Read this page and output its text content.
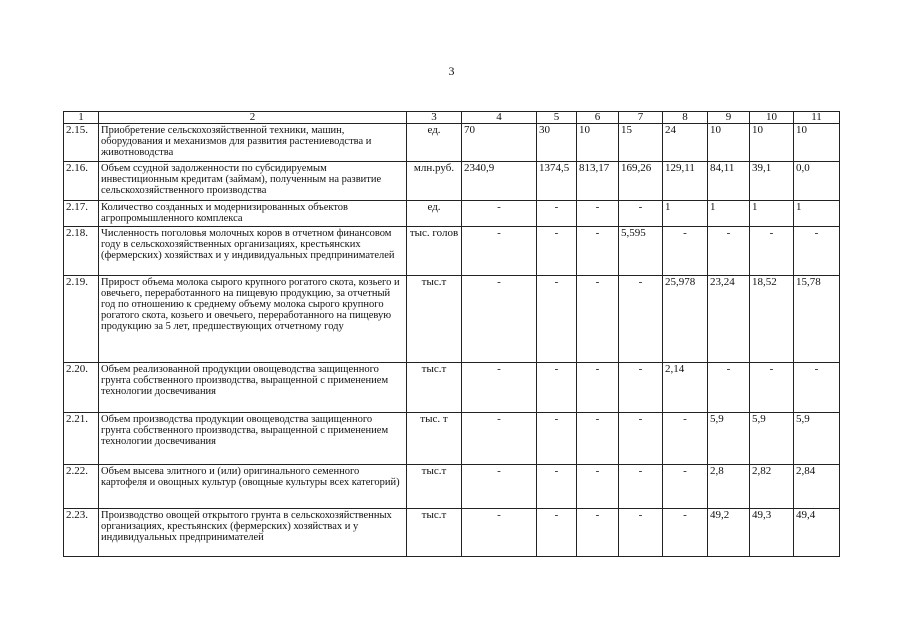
3
1	2	3	4	5	6	7	8	9	10	11
2.15.	Приобретение сельскохозяйственной техники, машин, оборудования и механизмов для развития растениеводства и животноводства	ед.	70	30	10	15	24	10	10	10
2.16.	Объем ссудной задолженности по субсидируемым инвестиционным кредитам (займам), полученным на развитие сельскохозяйственного производства	млн.руб.	2340,9	1374,5	813,17	169,26	129,11	84,11	39,1	0,0
2.17.	Количество созданных и модернизированных объектов агропромышленного комплекса	ед.	-	-	-	-	1	1	1	1
2.18.	Численность поголовья молочных коров в отчетном финансовом году в сельскохозяйственных организациях, крестьянских (фермерских) хозяйствах и у индивидуальных предпринимателей	тыс. голов	-	-	-	5,595	-	-	-	-
2.19.	Прирост объема молока сырого крупного рогатого скота, козьего и овечьего, переработанного на пищевую продукцию, за отчетный год по отношению к среднему объему молока сырого крупного рогатого скота, козьего и овечьего, переработанного на пищевую продукцию за 5 лет, предшествующих отчетному году	тыс.т	-	-	-	-	25,978	23,24	18,52	15,78
2.20.	Объем реализованной продукции овощеводства защищенного грунта собственного производства, выращенной с применением технологии досвечивания	тыс.т	-	-	-	-	2,14	-	-	-
2.21.	Объем производства продукции овощеводства защищенного грунта собственного производства, выращенной с применением технологии досвечивания	тыс. т	-	-	-	-	-	5,9	5,9	5,9
2.22.	Объем высева элитного и (или) оригинального семенного картофеля и овощных культур (овощные культуры всех категорий)	тыс.т	-	-	-	-	-	2,8	2,82	2,84
2.23.	Производство овощей открытого грунта в сельскохозяйственных организациях, крестьянских (фермерских) хозяйствах и у индивидуальных предпринимателей	тыс.т	-	-	-	-	-	49,2	49,3	49,4
